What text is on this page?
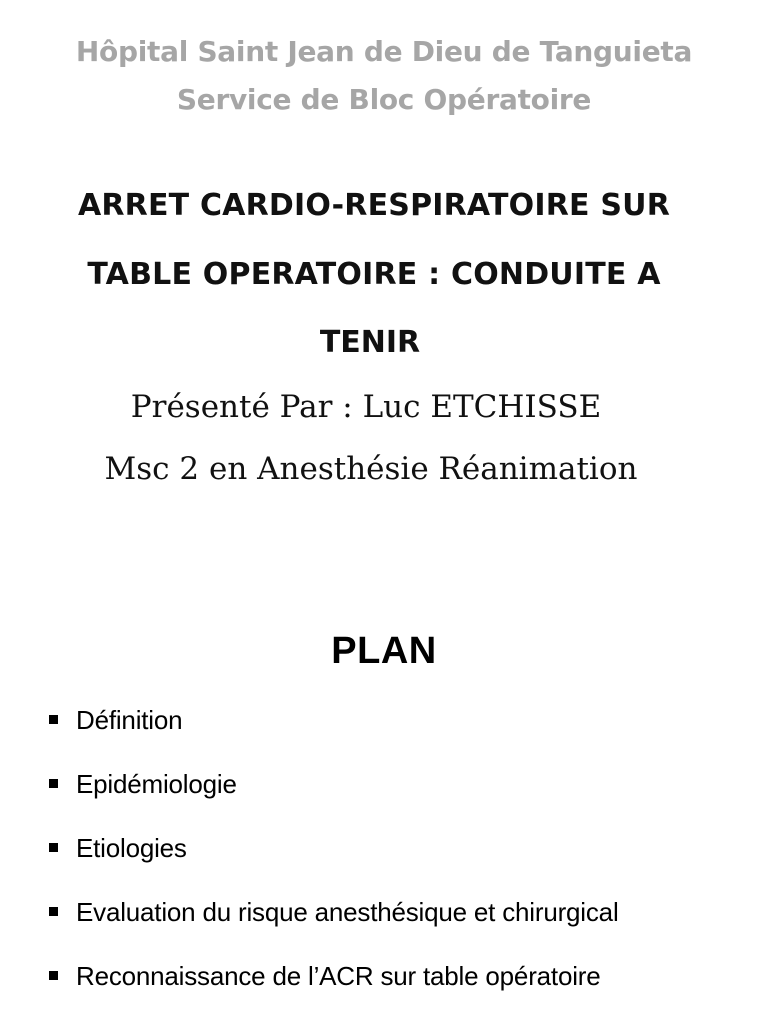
Hôpital Saint Jean de Dieu de Tanguieta
Service de Bloc Opératoire
ARRET CARDIO-RESPIRATOIRE SUR
TABLE OPERATOIRE : CONDUITE A
TENIR
Présenté Par : Luc ETCHISSE
Msc 2 en Anesthésie Réanimation
PLAN
Définition
Epidémiologie
Etiologies
Evaluation du risque anesthésique et chirurgical
Reconnaissance de l’ACR sur table opératoire
